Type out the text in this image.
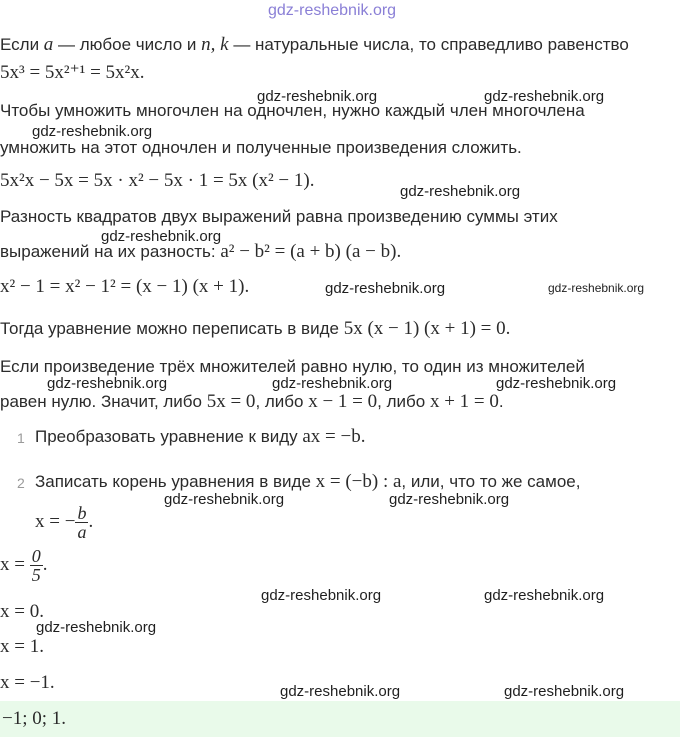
gdz-reshebnik.org
Если a — любое число и n, k — натуральные числа, то справедливо равенство
5x³ = 5x²⁺¹ = 5x²x.
Чтобы умножить многочлен на одночлен, нужно каждый член многочлена
умножить на этот одночлен и полученные произведения сложить.
5x²x − 5x = 5x · x² − 5x · 1 = 5x (x² − 1).
Разность квадратов двух выражений равна произведению суммы этих
выражений на их разность: a² − b² = (a + b) (a − b).
x² − 1 = x² − 1² = (x − 1) (x + 1).
Тогда уравнение можно переписать в виде 5x (x − 1) (x + 1) = 0.
Если произведение трёх множителей равно нулю, то один из множителей
равен нулю. Значит, либо 5x = 0, либо x − 1 = 0, либо x + 1 = 0.
1 Преобразовать уравнение к виду ax = −b.
2 Записать корень уравнения в виде x = (−b) : a, или, что то же самое,
x = − $\frac{b}{a}$ .
$x = \frac{0}{5}$ .
x = 0.
x = 1.
x = −1.
−1; 0; 1.
gdz-reshebnik.org	gdz-reshebnik.org
gdz-reshebnik.org
gdz-reshebnik.org
gdz-reshebnik.org
gdz-reshebnik.org	gdz-reshebnik.org
gdz-reshebnik.org	gdz-reshebnik.org	gdz-reshebnik.org
gdz-reshebnik.org	gdz-reshebnik.org
gdz-reshebnik.org	gdz-reshebnik.org
gdz-reshebnik.org
gdz-reshebnik.org	gdz-reshebnik.org
